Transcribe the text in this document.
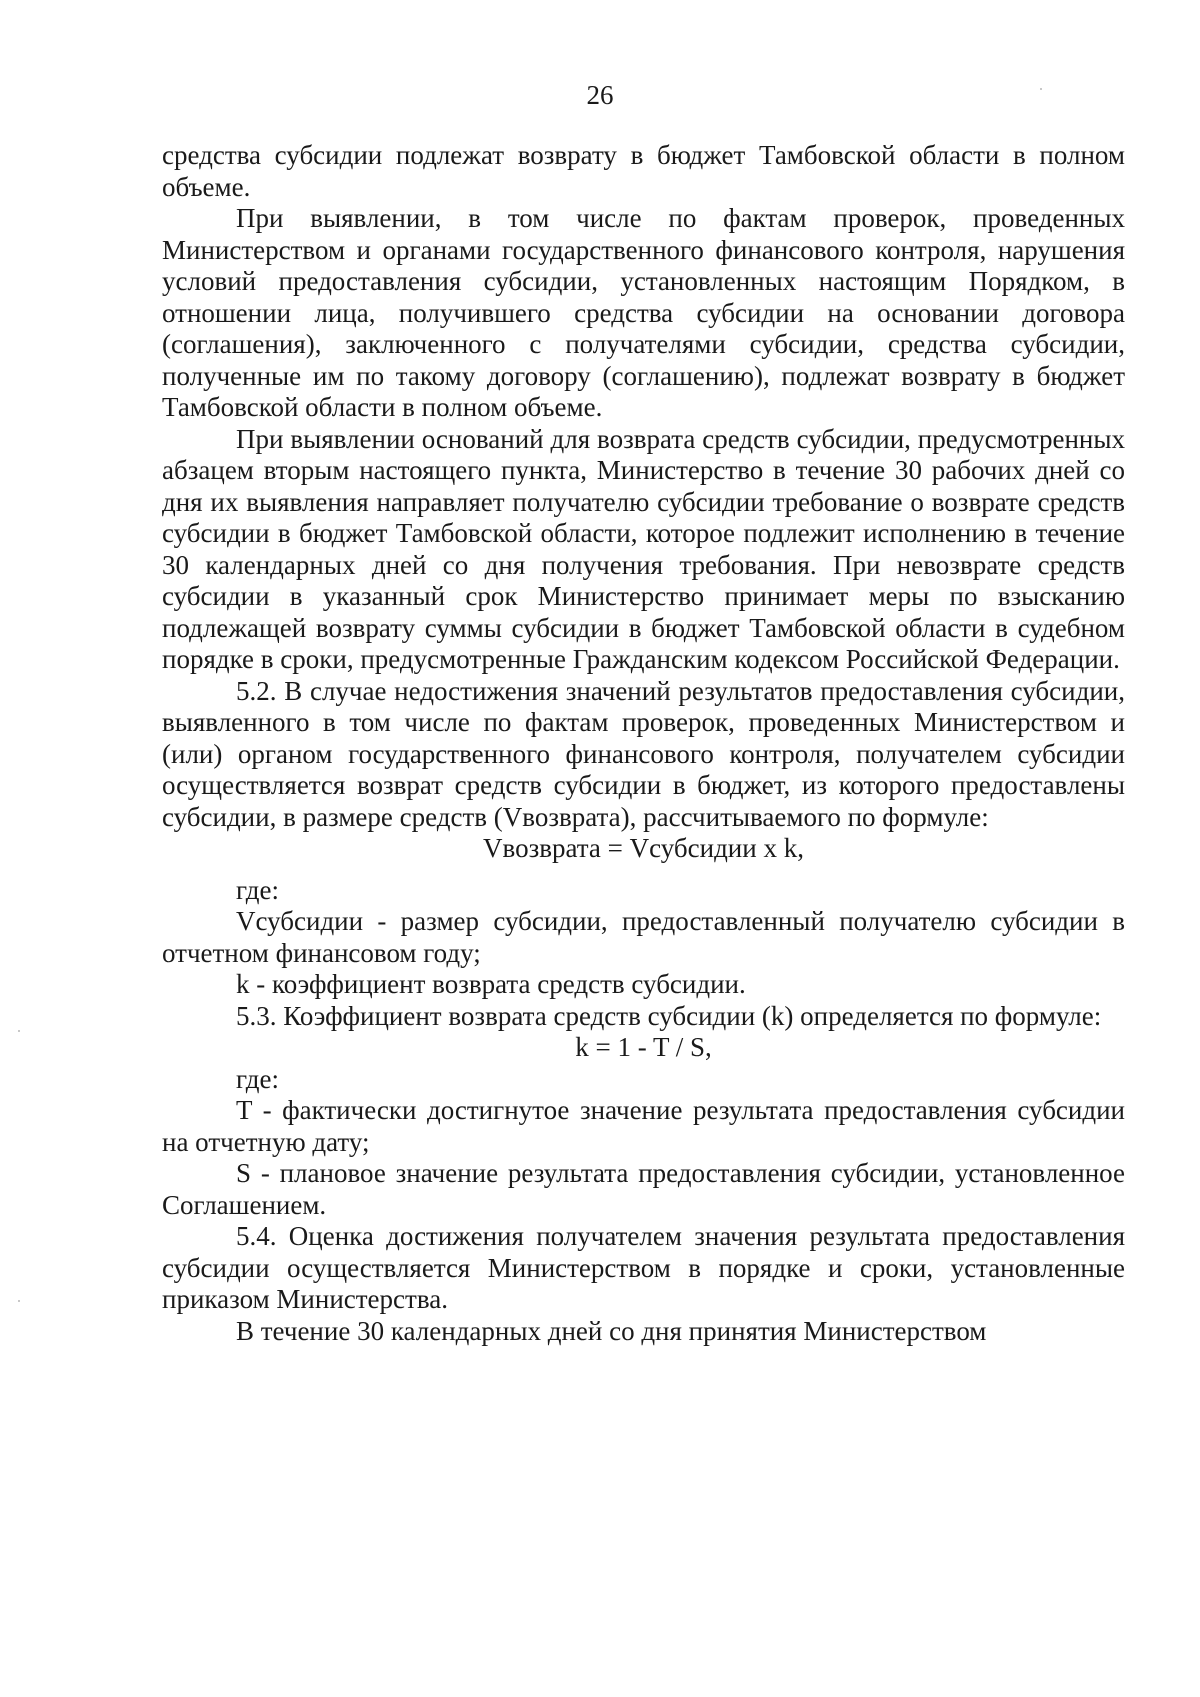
26

средства субсидии подлежат возврату в бюджет Тамбовской области в полном объеме.

При выявлении, в том числе по фактам проверок, проведенных Министерством и органами государственного финансового контроля, нарушения условий предоставления субсидии, установленных настоящим Порядком, в отношении лица, получившего средства субсидии на основании договора (соглашения), заключенного с получателями субсидии, средства субсидии, полученные им по такому договору (соглашению), подлежат возврату в бюджет Тамбовской области в полном объеме.

При выявлении оснований для возврата средств субсидии, предусмотренных абзацем вторым настоящего пункта, Министерство в течение 30 рабочих дней со дня их выявления направляет получателю субсидии требование о возврате средств субсидии в бюджет Тамбовской области, которое подлежит исполнению в течение 30 календарных дней со дня получения требования. При невозврате средств субсидии в указанный срок Министерство принимает меры по взысканию подлежащей возврату суммы субсидии в бюджет Тамбовской области в судебном порядке в сроки, предусмотренные Гражданским кодексом Российской Федерации.

5.2. В случае недостижения значений результатов предоставления субсидии, выявленного в том числе по фактам проверок, проведенных Министерством и (или) органом государственного финансового контроля, получателем субсидии осуществляется возврат средств субсидии в бюджет, из которого предоставлены субсидии, в размере средств (Vвозврата), рассчитываемого по формуле:

Vвозврата = Vсубсидии x k,

где:

Vсубсидии - размер субсидии, предоставленный получателю субсидии в отчетном финансовом году;

k - коэффициент возврата средств субсидии.

5.3. Коэффициент возврата средств субсидии (k) определяется по формуле:

k = 1 - T / S,

где:

T - фактически достигнутое значение результата предоставления субсидии на отчетную дату;

S - плановое значение результата предоставления субсидии, установленное Соглашением.

5.4. Оценка достижения получателем значения результата предоставления субсидии осуществляется Министерством в порядке и сроки, установленные приказом Министерства.

В течение 30 календарных дней со дня принятия Министерством
